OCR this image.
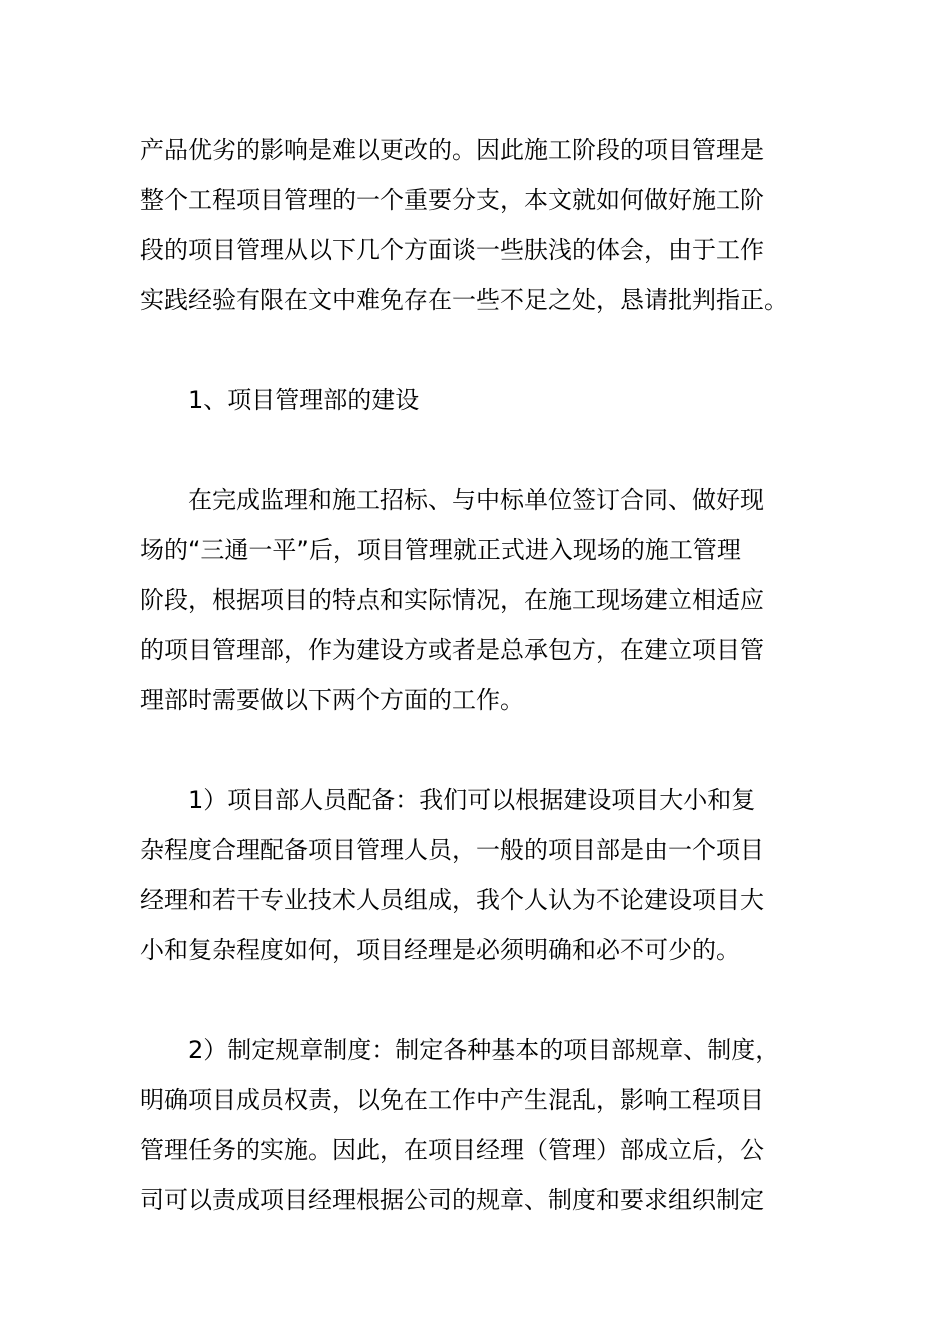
产品优劣的影响是难以更改的。因此施工阶段的项目管理是

整个工程项目管理的一个重要分支，本文就如何做好施工阶

段的项目管理从以下几个方面谈一些肤浅的体会，由于工作

实践经验有限在文中难免存在一些不足之处，恳请批判指正。

1、项目管理部的建设

在完成监理和施工招标、与中标单位签订合同、做好现

场的“三通一平”后，项目管理就正式进入现场的施工管理

阶段，根据项目的特点和实际情况，在施工现场建立相适应

的项目管理部，作为建设方或者是总承包方，在建立项目管

理部时需要做以下两个方面的工作。

1）项目部人员配备：我们可以根据建设项目大小和复

杂程度合理配备项目管理人员，一般的项目部是由一个项目

经理和若干专业技术人员组成，我个人认为不论建设项目大

小和复杂程度如何，项目经理是必须明确和必不可少的。

2）制定规章制度：制定各种基本的项目部规章、制度，

明确项目成员权责，以免在工作中产生混乱，影响工程项目

管理任务的实施。因此，在项目经理（管理）部成立后，公

司可以责成项目经理根据公司的规章、制度和要求组织制定
